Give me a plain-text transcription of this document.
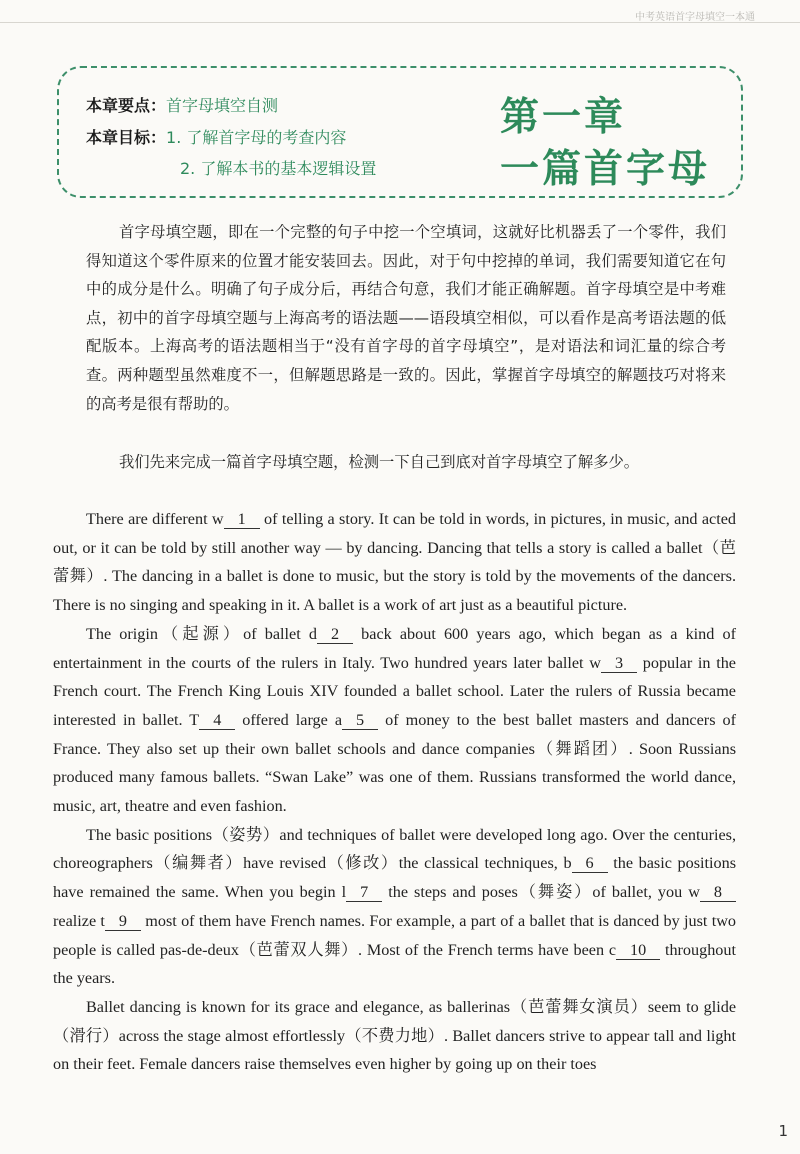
中考英语首字母填空一本通
本章要点：首字母填空自测
本章目标：1. 了解首字母的考查内容
2. 了解本书的基本逻辑设置
第一章
一篇首字母

首字母填空题，即在一个完整的句子中挖一个空填词，这就好比机器丢了一个零件，我们得知道这个零件原来的位置才能安装回去。因此，对于句中挖掉的单词，我们需要知道它在句中的成分是什么。明确了句子成分后，再结合句意，我们才能正确解题。首字母填空是中考难点，初中的首字母填空题与上海高考的语法题——语段填空相似，可以看作是高考语法题的低配版本。上海高考的语法题相当于“没有首字母的首字母填空”，是对语法和词汇量的综合考查。两种题型虽然难度不一，但解题思路是一致的。因此，掌握首字母填空的解题技巧对将来的高考是很有帮助的。

我们先来完成一篇首字母填空题，检测一下自己到底对首字母填空了解多少。

There are different w 1 of telling a story. It can be told in words, in pictures, in music, and acted out, or it can be told by still another way — by dancing. Dancing that tells a story is called a ballet（芭蕾舞）. The dancing in a ballet is done to music, but the story is told by the movements of the dancers. There is no singing and speaking in it. A ballet is a work of art just as a beautiful picture.

The origin（起源）of ballet d 2 back about 600 years ago, which began as a kind of entertainment in the courts of the rulers in Italy. Two hundred years later ballet w 3 popular in the French court. The French King Louis XIV founded a ballet school. Later the rulers of Russia became interested in ballet. T 4 offered large a 5 of money to the best ballet masters and dancers of France. They also set up their own ballet schools and dance companies（舞蹈团）. Soon Russians produced many famous ballets. “Swan Lake” was one of them. Russians transformed the world dance, music, art, theatre and even fashion.

The basic positions（姿势）and techniques of ballet were developed long ago. Over the centuries, choreographers（编舞者）have revised（修改）the classical techniques, b 6 the basic positions have remained the same. When you begin l 7 the steps and poses（舞姿）of ballet, you w 8 realize t 9 most of them have French names. For example, a part of a ballet that is danced by just two people is called pas-de-deux（芭蕾双人舞）. Most of the French terms have been c 10 throughout the years.

Ballet dancing is known for its grace and elegance, as ballerinas（芭蕾舞女演员）seem to glide（滑行）across the stage almost effortlessly（不费力地）. Ballet dancers strive to appear tall and light on their feet. Female dancers raise themselves even higher by going up on their toes

1
